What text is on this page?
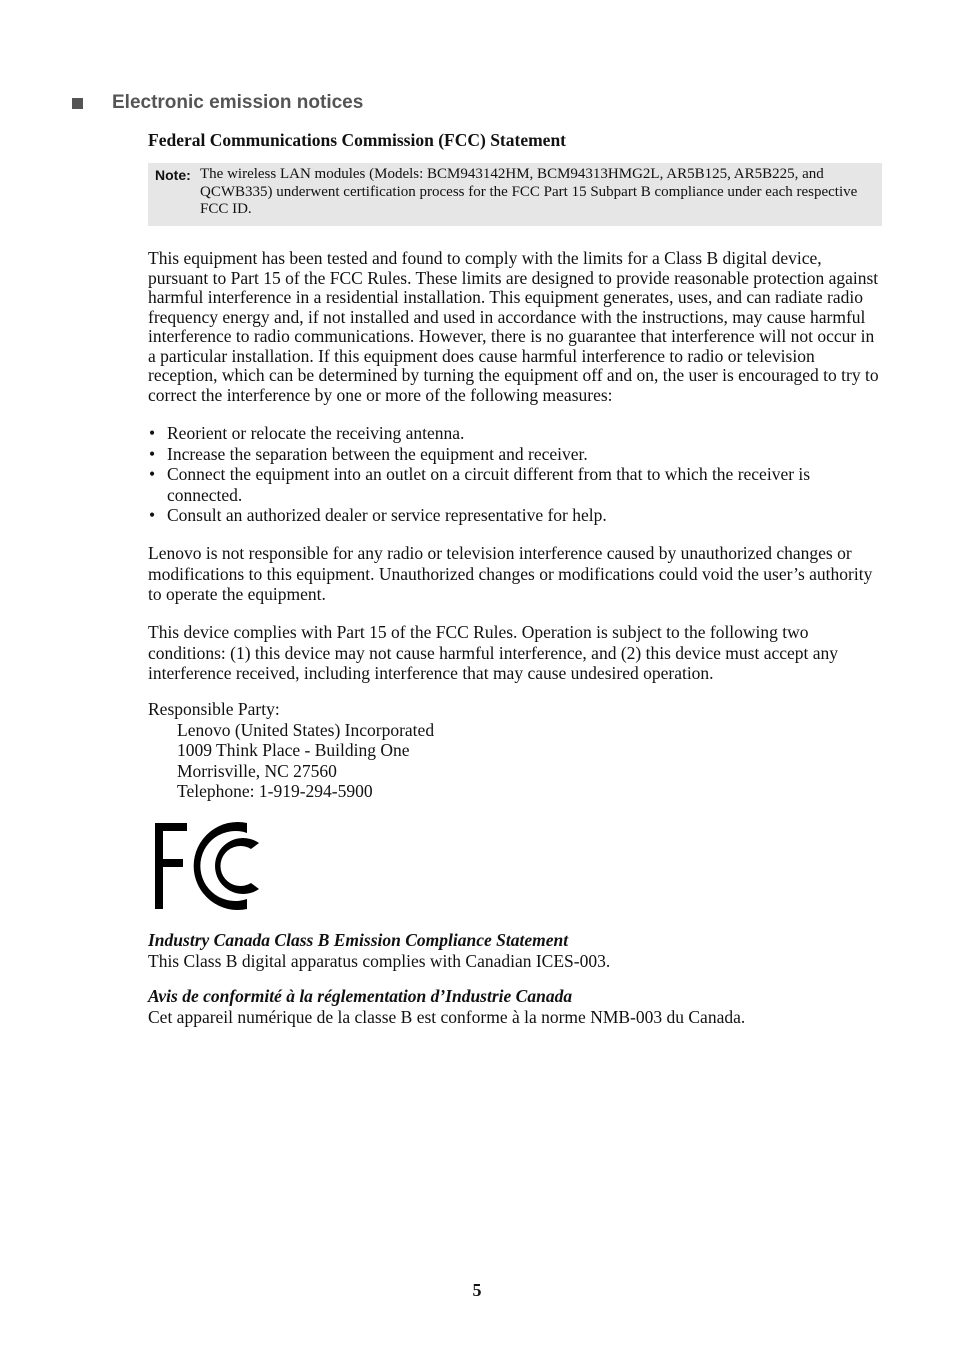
Electronic emission notices
Federal Communications Commission (FCC) Statement
Note: The wireless LAN modules (Models: BCM943142HM, BCM94313HMG2L, AR5B125, AR5B225, and QCWB335) underwent certification process for the FCC Part 15 Subpart B compliance under each respective FCC ID.
This equipment has been tested and found to comply with the limits for a Class B digital device, pursuant to Part 15 of the FCC Rules. These limits are designed to provide reasonable protection against harmful interference in a residential installation. This equipment generates, uses, and can radiate radio frequency energy and, if not installed and used in accordance with the instructions, may cause harmful interference to radio communications. However, there is no guarantee that interference will not occur in a particular installation. If this equipment does cause harmful interference to radio or television reception, which can be determined by turning the equipment off and on, the user is encouraged to try to correct the interference by one or more of the following measures:
• Reorient or relocate the receiving antenna.
• Increase the separation between the equipment and receiver.
• Connect the equipment into an outlet on a circuit different from that to which the receiver is connected.
• Consult an authorized dealer or service representative for help.
Lenovo is not responsible for any radio or television interference caused by unauthorized changes or modifications to this equipment. Unauthorized changes or modifications could void the user’s authority to operate the equipment.
This device complies with Part 15 of the FCC Rules. Operation is subject to the following two conditions: (1) this device may not cause harmful interference, and (2) this device must accept any interference received, including interference that may cause undesired operation.
Responsible Party:
Lenovo (United States) Incorporated
1009 Think Place - Building One
Morrisville, NC 27560
Telephone: 1-919-294-5900
Industry Canada Class B Emission Compliance Statement
This Class B digital apparatus complies with Canadian ICES-003.
Avis de conformité à la réglementation d’Industrie Canada
Cet appareil numérique de la classe B est conforme à la norme NMB-003 du Canada.
5
